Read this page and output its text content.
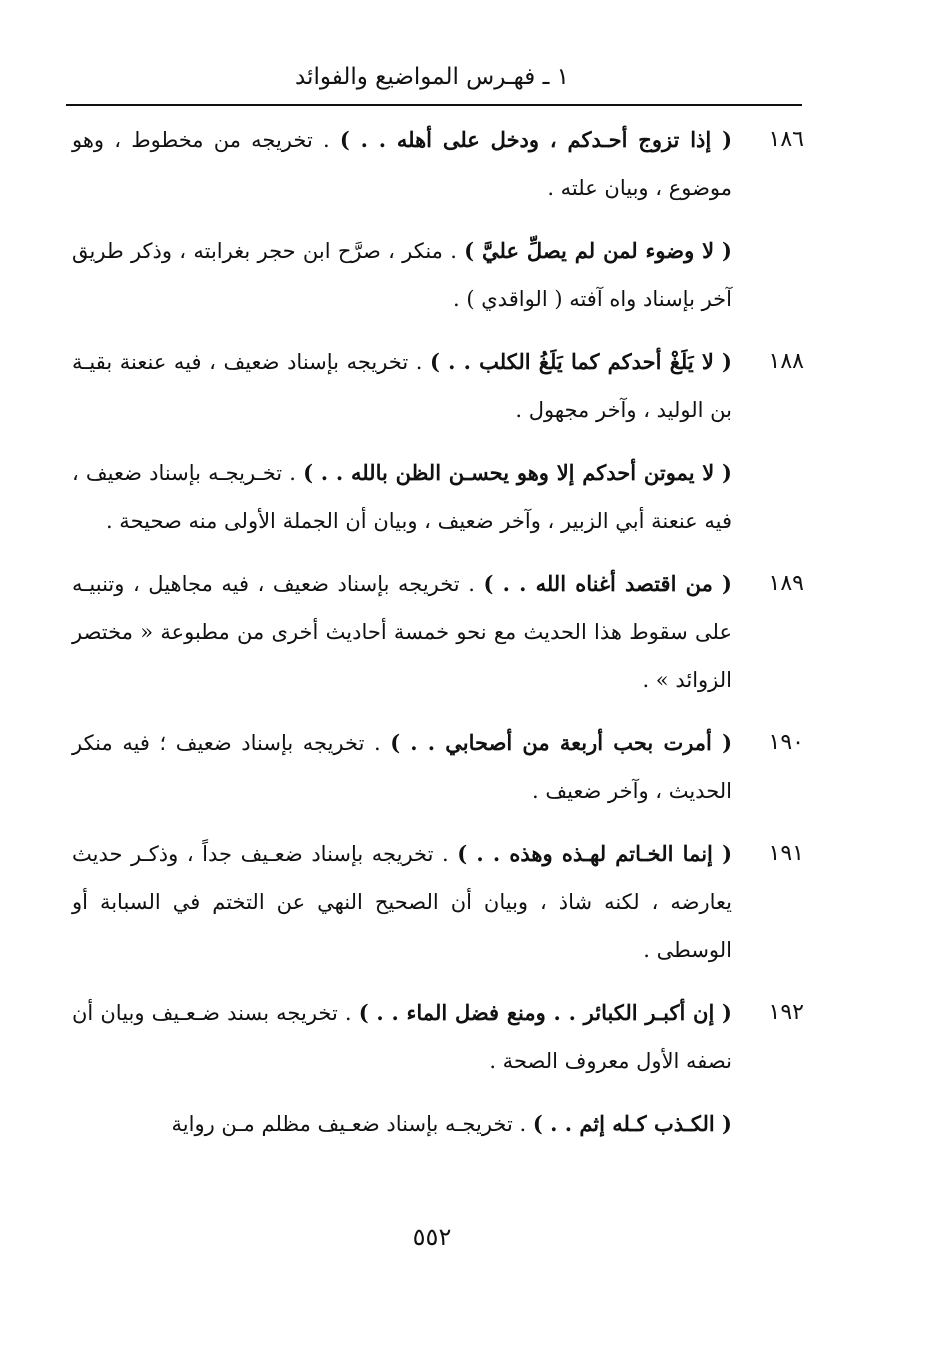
١ ـ فهـرس المواضيع والفوائد
١٨٦
( إذا تزوج أحـدكم ، ودخل على أهله . . ) . تخريجه من مخطوط ، وهو موضوع ، وبيان علته .
( لا وضوء لمن لم يصلِّ عليَّ ) . منكر ، صرَّح ابن حجر بغرابته ، وذكر طريق آخر بإسناد واه آفته ( الواقدي ) .
١٨٨
( لا يَلَغْ أحدكم كما يَلَغُ الكلب . . ) . تخريجه بإسناد ضعيف ، فيه عنعنة بقيـة بن الوليد ، وآخر مجهول .
( لا يموتن أحدكم إلا وهو يحسـن الظن بالله . . ) . تخـريجـه بإسناد ضعيف ، فيه عنعنة أبي الزبير ، وآخر ضعيف ، وبيان أن الجملة الأولى منه صحيحة .
١٨٩
( من اقتصد أغناه الله . . ) . تخريجه بإسناد ضعيف ، فيه مجاهيل ، وتنبيـه على سقوط هذا الحديث مع نحو خمسة أحاديث أخرى من مطبوعة « مختصر الزوائد » .
١٩٠
( أمرت بحب أربعة من أصحابي . . ) . تخريجه بإسناد ضعيف ؛ فيه منكر الحديث ، وآخر ضعيف .
١٩١
( إنما الخـاتم لهـذه وهذه . . ) . تخريجه بإسناد ضعـيف جداً ، وذكـر حديث يعارضه ، لكنه شاذ ، وبيان أن الصحيح النهي عن التختم في السبابة أو الوسطى .
١٩٢
( إن أكبـر الكبائر . . ومنع فضل الماء . . ) . تخريجه بسند ضـعـيف وبيان أن نصفه الأول معروف الصحة .
( الكـذب كـله إثم . . ) . تخريجـه بإسناد ضعـيف مظلم مـن رواية
٥٥٢
